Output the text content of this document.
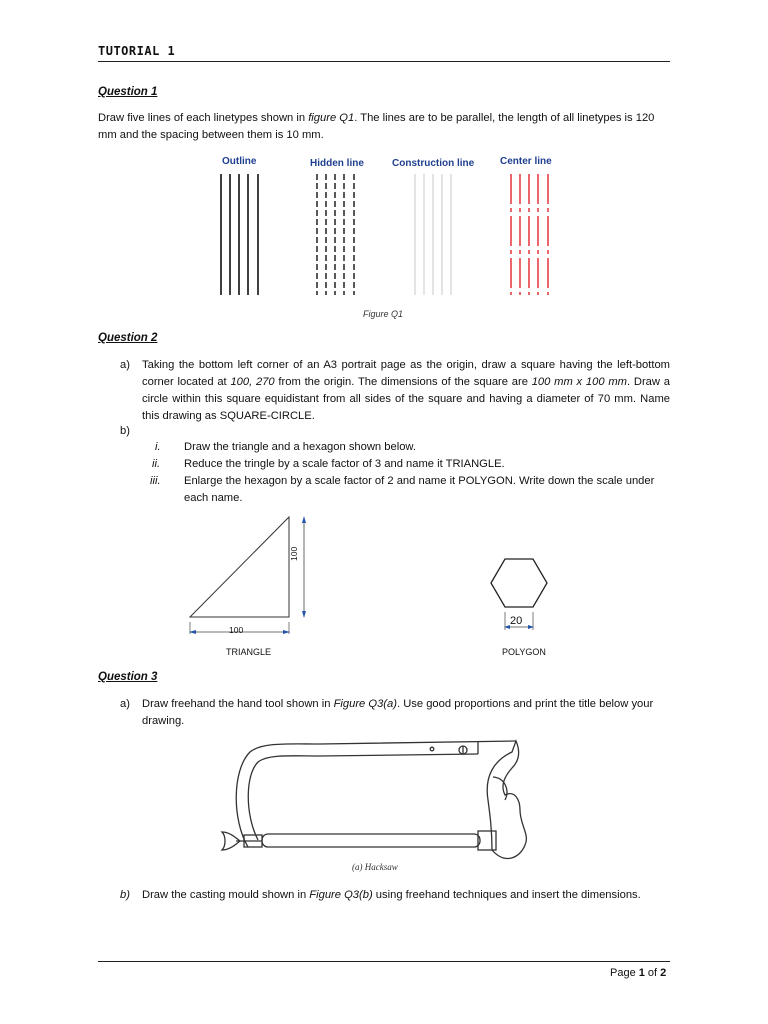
TUTORIAL 1
Question 1
Draw five lines of each linetypes shown in figure Q1. The lines are to be parallel, the length of all linetypes is 120 mm and the spacing between them is 10 mm.
Outline	Hidden line	Construction line	Center line
Figure Q1
Question 2
a) Taking the bottom left corner of an A3 portrait page as the origin, draw a square having the left-bottom corner located at 100, 270 from the origin. The dimensions of the square are 100 mm x 100 mm. Draw a circle within this square equidistant from all sides of the square and having a diameter of 70 mm. Name this drawing as SQUARE-CIRCLE.
b)
i. Draw the triangle and a hexagon shown below.
ii. Reduce the tringle by a scale factor of 3 and name it TRIANGLE.
iii. Enlarge the hexagon by a scale factor of 2 and name it POLYGON. Write down the scale under each name.
100
100
20
TRIANGLE	POLYGON
Question 3
a) Draw freehand the hand tool shown in Figure Q3(a). Use good proportions and print the title below your drawing.
(a) Hacksaw
b) Draw the casting mould shown in Figure Q3(b) using freehand techniques and insert the dimensions.
Page 1 of 2
